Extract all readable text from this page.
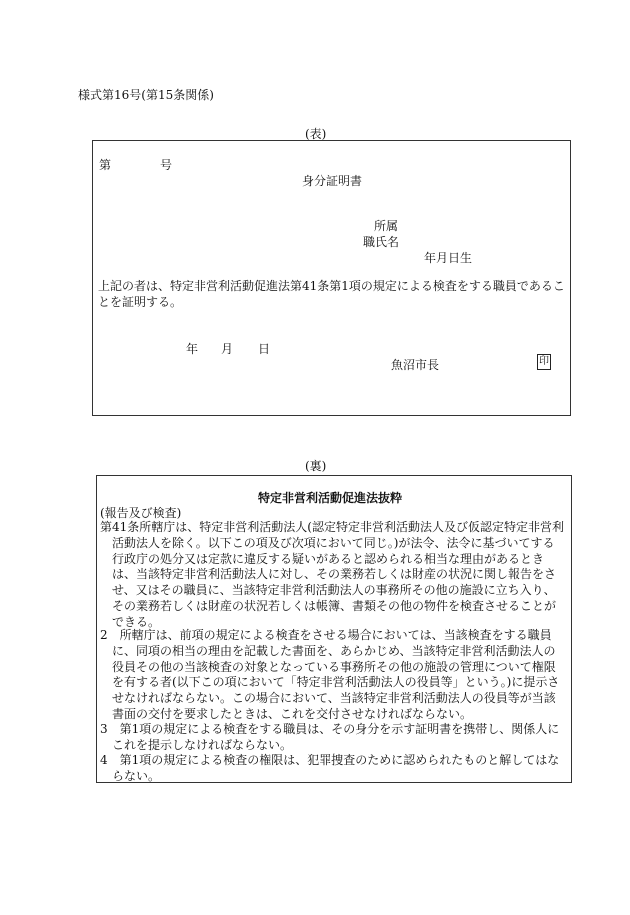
様式第16号(第15条関係)
(表)
第	号
身分証明書
所属
職氏名
年月日生
上記の者は、特定非営利活動促進法第41条第1項の規定による検査をする職員であることを証明する。
年 月 日
魚沼市長	印
(裏)
特定非営利活動促進法抜粋
(報告及び検査)
第41条所轄庁は、特定非営利活動法人(認定特定非営利活動法人及び仮認定特定非営利活動法人を除く。以下この項及び次項において同じ。)が法令、法令に基づいてする行政庁の処分又は定款に違反する疑いがあると認められる相当な理由があるときは、当該特定非営利活動法人に対し、その業務若しくは財産の状況に関し報告をさせ、又はその職員に、当該特定非営利活動法人の事務所その他の施設に立ち入り、その業務若しくは財産の状況若しくは帳簿、書類その他の物件を検査させることができる。
2　所轄庁は、前項の規定による検査をさせる場合においては、当該検査をする職員に、同項の相当の理由を記載した書面を、あらかじめ、当該特定非営利活動法人の役員その他の当該検査の対象となっている事務所その他の施設の管理について権限を有する者(以下この項において「特定非営利活動法人の役員等」という。)に提示させなければならない。この場合において、当該特定非営利活動法人の役員等が当該書面の交付を要求したときは、これを交付させなければならない。
3　第1項の規定による検査をする職員は、その身分を示す証明書を携帯し、関係人にこれを提示しなければならない。
4　第1項の規定による検査の権限は、犯罪捜査のために認められたものと解してはならない。
